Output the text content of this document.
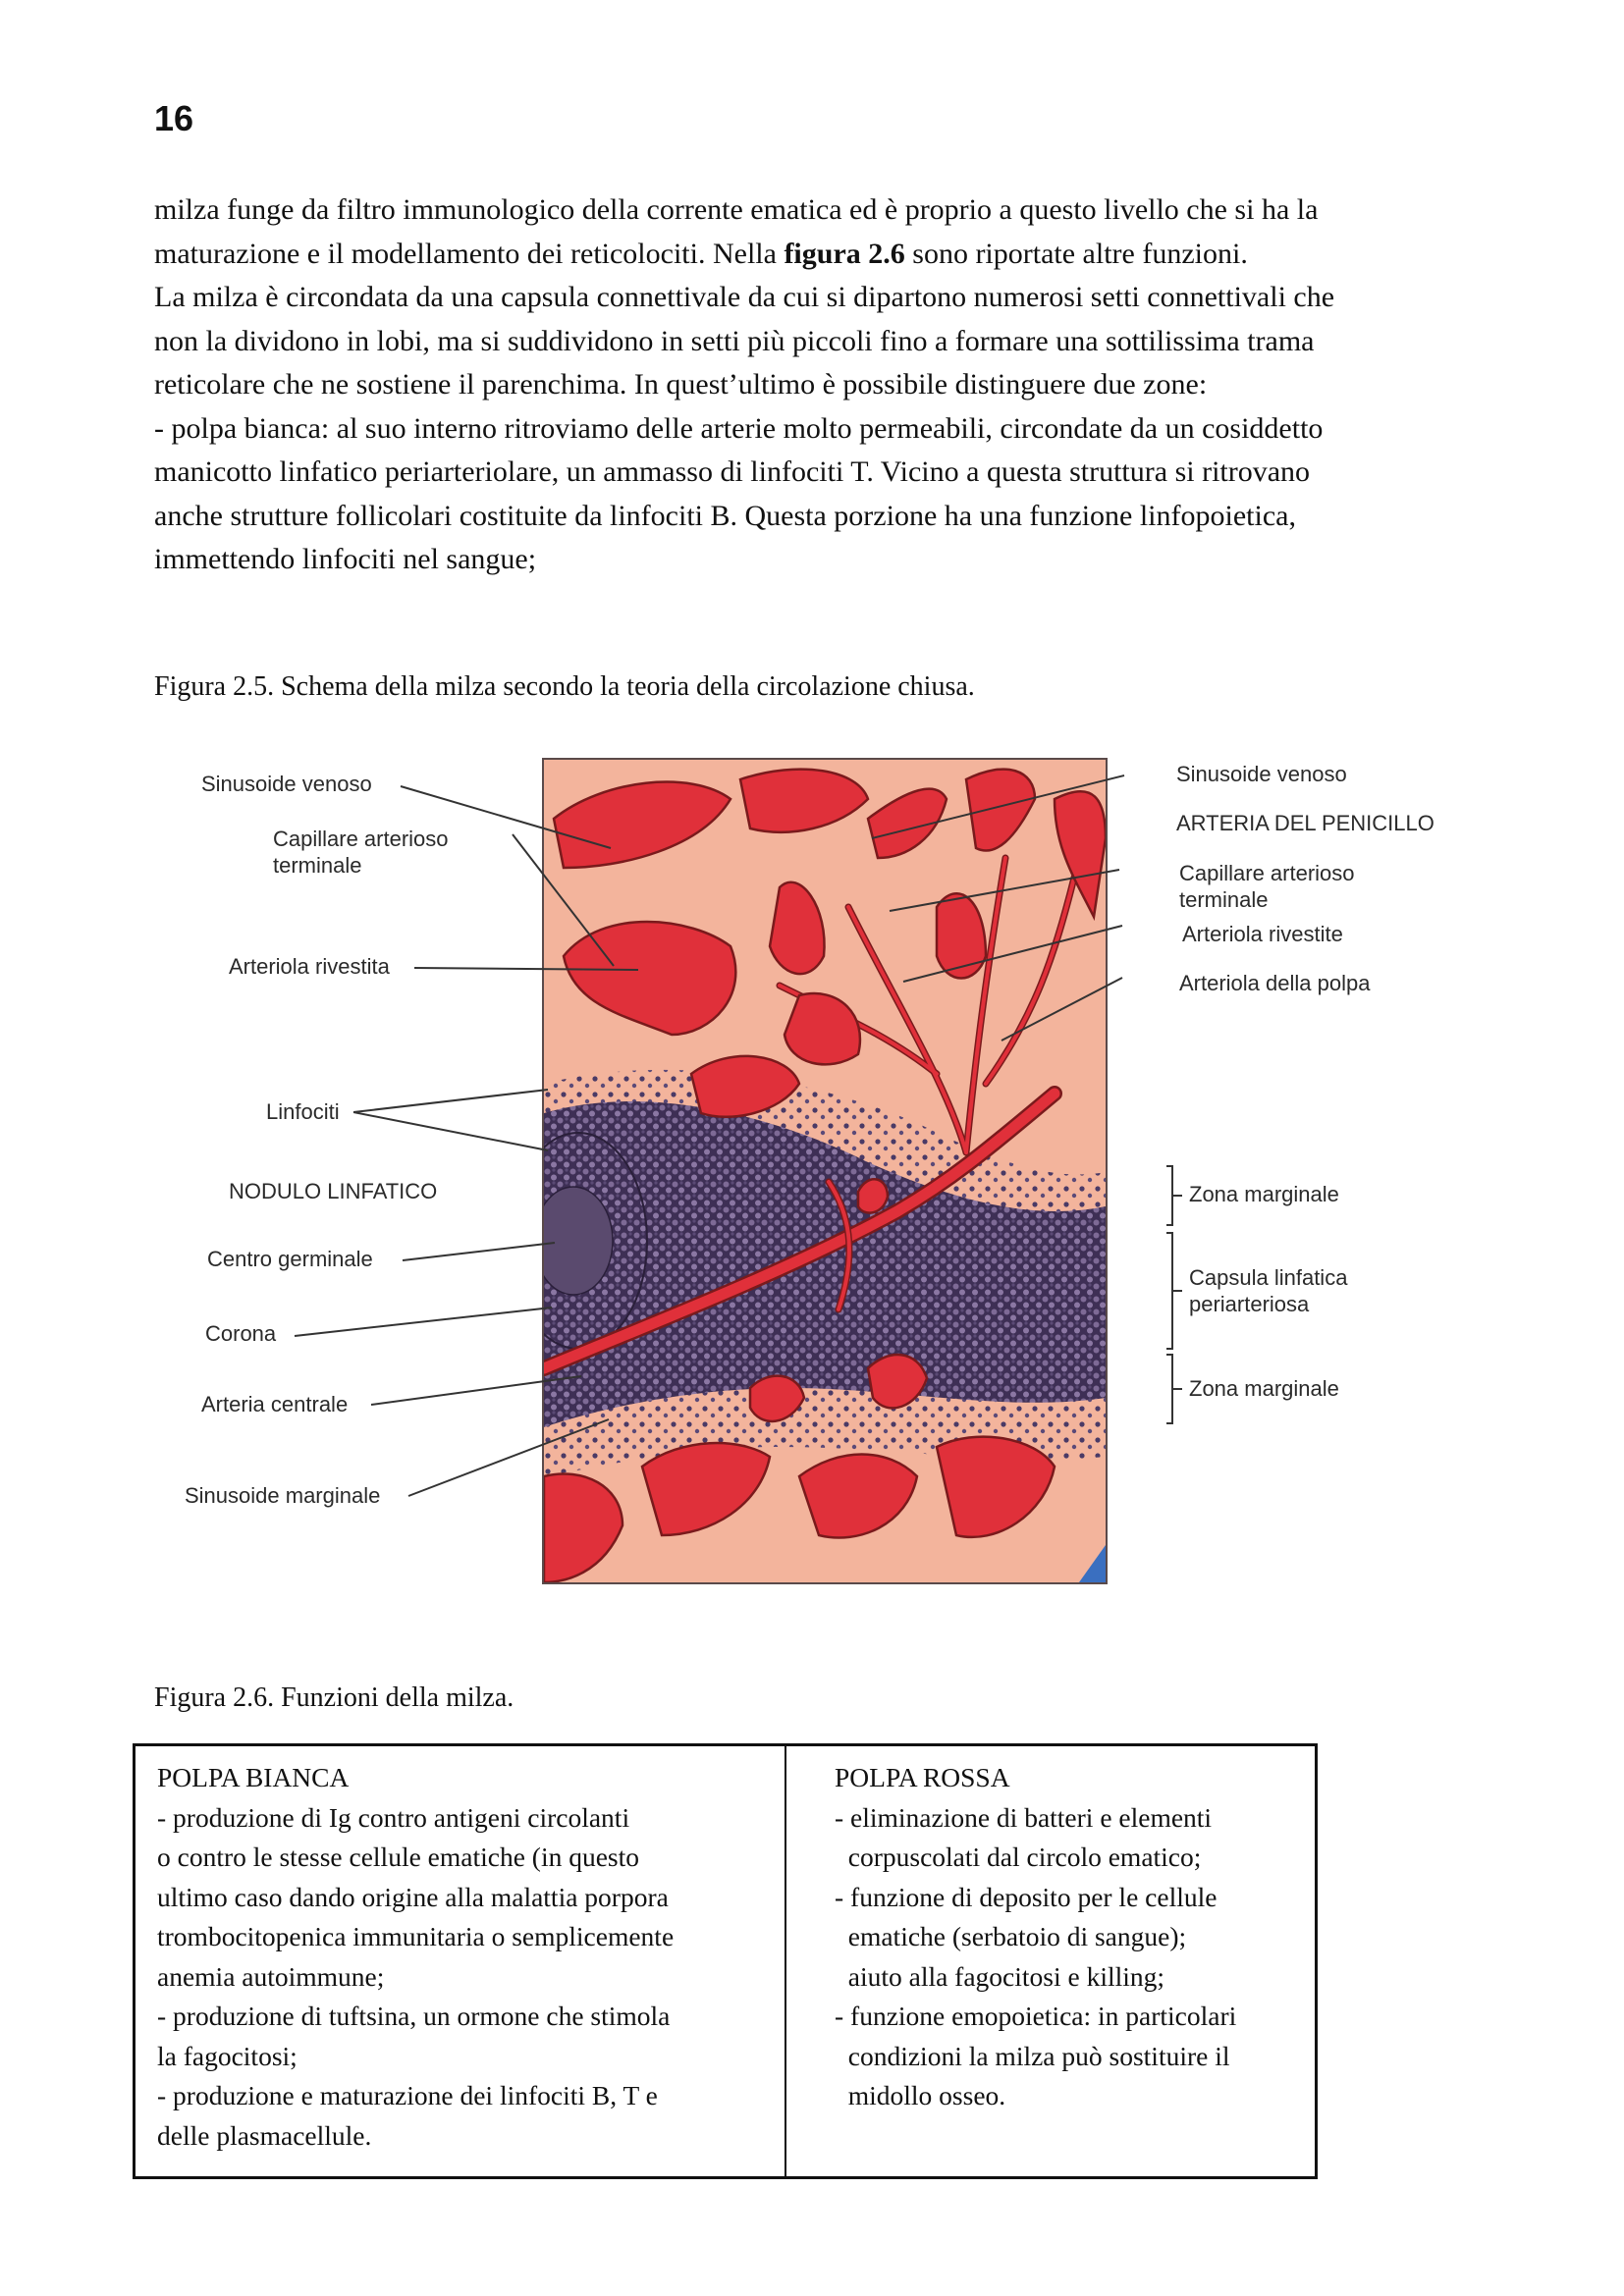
16
milza funge da filtro immunologico della corrente ematica ed è proprio a questo livello che si ha la
maturazione e il modellamento dei reticolociti. Nella figura 2.6 sono riportate altre funzioni.
La milza è circondata da una capsula connettivale da cui si dipartono numerosi setti connettivali che
non la dividono in lobi, ma si suddividono in setti più piccoli fino a formare una sottilissima trama
reticolare che ne sostiene il parenchima. In quest’ultimo è possibile distinguere due zone:
- polpa bianca: al suo interno ritroviamo delle arterie molto permeabili, circondate da un cosiddetto
manicotto linfatico periarteriolare, un ammasso di linfociti T. Vicino a questa struttura si ritrovano
anche strutture follicolari costituite da linfociti B. Questa porzione ha una funzione linfopoietica,
immettendo linfociti nel sangue;
Figura 2.5. Schema della milza secondo la teoria della circolazione chiusa.
Sinusoide venoso
Capillare arterioso
terminale
Arteriola rivestita
Linfociti
NODULO LINFATICO
Centro germinale
Corona
Arteria centrale
Sinusoide marginale
Sinusoide venoso
ARTERIA DEL PENICILLO
Capillare arterioso
terminale
Arteriola rivestite
Arteriola della polpa
Zona marginale
Capsula linfatica
periarteriosa
Zona marginale
Figura 2.6. Funzioni della milza.
POLPA BIANCA
- produzione di Ig contro antigeni circolanti
o contro le stesse cellule ematiche (in questo
ultimo caso dando origine alla malattia porpora
trombocitopenica immunitaria o semplicemente
anemia autoimmune;
- produzione di tuftsina, un ormone che stimola
la fagocitosi;
- produzione e maturazione dei linfociti B, T e
delle plasmacellule.
POLPA ROSSA
- eliminazione di batteri e elementi
corpuscolati dal circolo ematico;
- funzione di deposito per le cellule
ematiche (serbatoio di sangue);
aiuto alla fagocitosi e killing;
- funzione emopoietica: in particolari
condizioni la milza può sostituire il
midollo osseo.
